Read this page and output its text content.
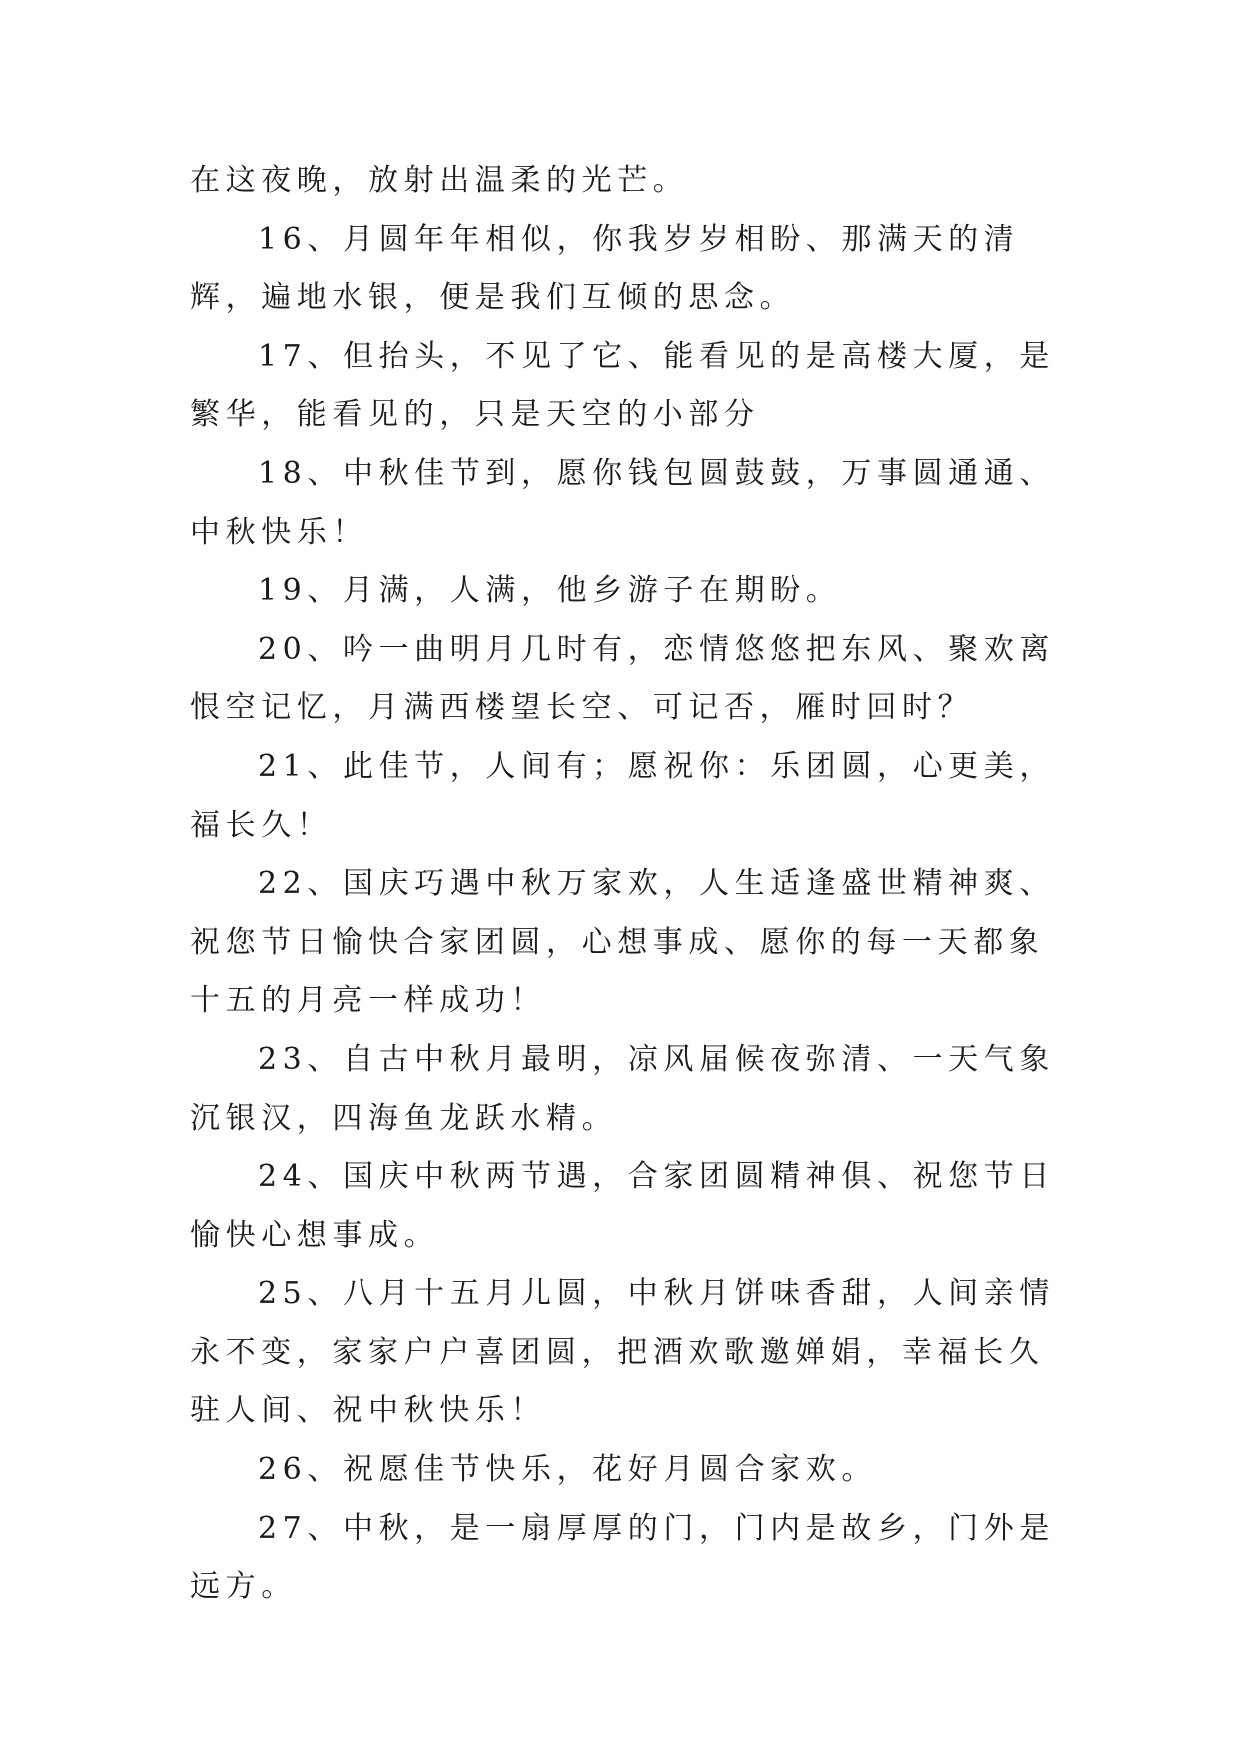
在这夜晚，放射出温柔的光芒。

16、月圆年年相似，你我岁岁相盼、那满天的清辉，遍地水银，便是我们互倾的思念。

17、但抬头，不见了它、能看见的是高楼大厦，是繁华，能看见的，只是天空的小部分

18、中秋佳节到，愿你钱包圆鼓鼓，万事圆通通、中秋快乐！

19、月满，人满，他乡游子在期盼。

20、吟一曲明月几时有，恋情悠悠把东风、聚欢离恨空记忆，月满西楼望长空、可记否，雁时回时？

21、此佳节，人间有；愿祝你：乐团圆，心更美，福长久！

22、国庆巧遇中秋万家欢，人生适逢盛世精神爽、祝您节日愉快合家团圆，心想事成、愿你的每一天都象十五的月亮一样成功！

23、自古中秋月最明，凉风届候夜弥清、一天气象沉银汉，四海鱼龙跃水精。

24、国庆中秋两节遇，合家团圆精神俱、祝您节日愉快心想事成。

25、八月十五月儿圆，中秋月饼味香甜，人间亲情永不变，家家户户喜团圆，把酒欢歌邀婵娟，幸福长久驻人间、祝中秋快乐！

26、祝愿佳节快乐，花好月圆合家欢。

27、中秋，是一扇厚厚的门，门内是故乡，门外是远方。
